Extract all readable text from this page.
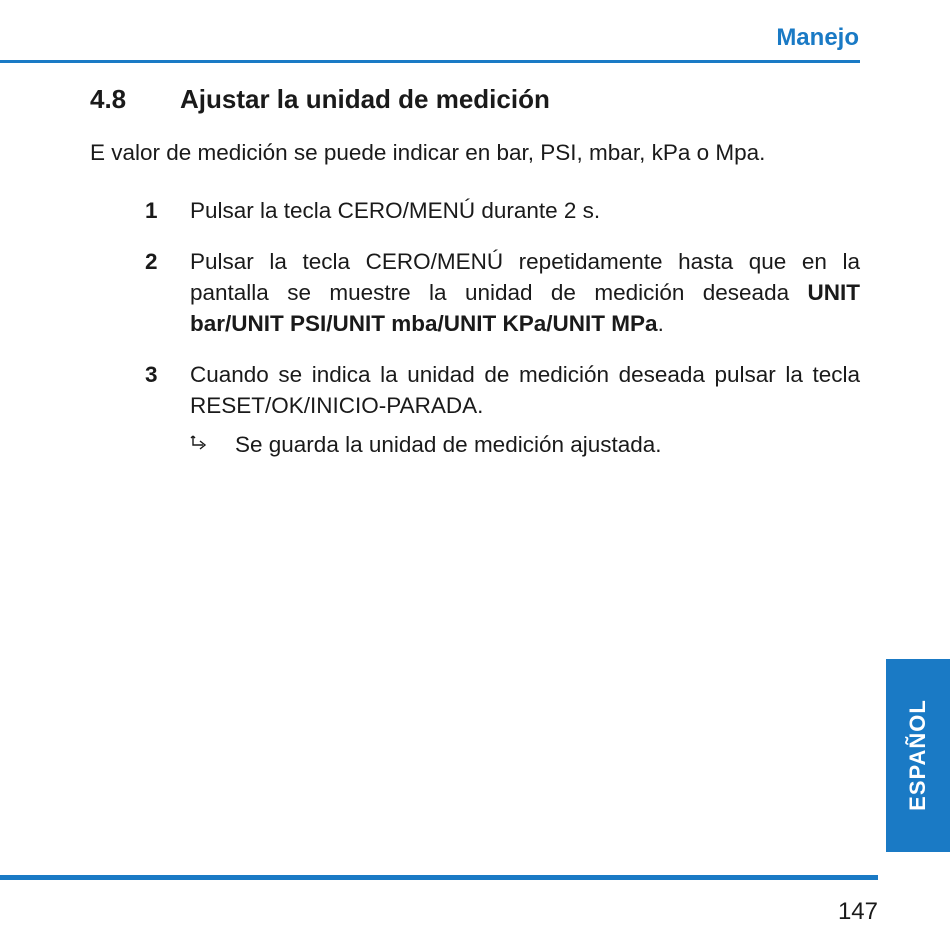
Manejo
4.8 Ajustar la unidad de medición
E valor de medición se puede indicar en bar, PSI, mbar, kPa o Mpa.
1	Pulsar la tecla CERO/MENÚ durante 2 s.
2	Pulsar la tecla CERO/MENÚ repetidamente hasta que en la pantalla se muestre la unidad de medición deseada UNIT bar/UNIT PSI/UNIT mba/UNIT KPa/UNIT MPa.
3	Cuando se indica la unidad de medición deseada pulsar la tecla RESET/OK/INICIO-PARADA.
Se guarda la unidad de medición ajustada.
ESPAÑOL
147
